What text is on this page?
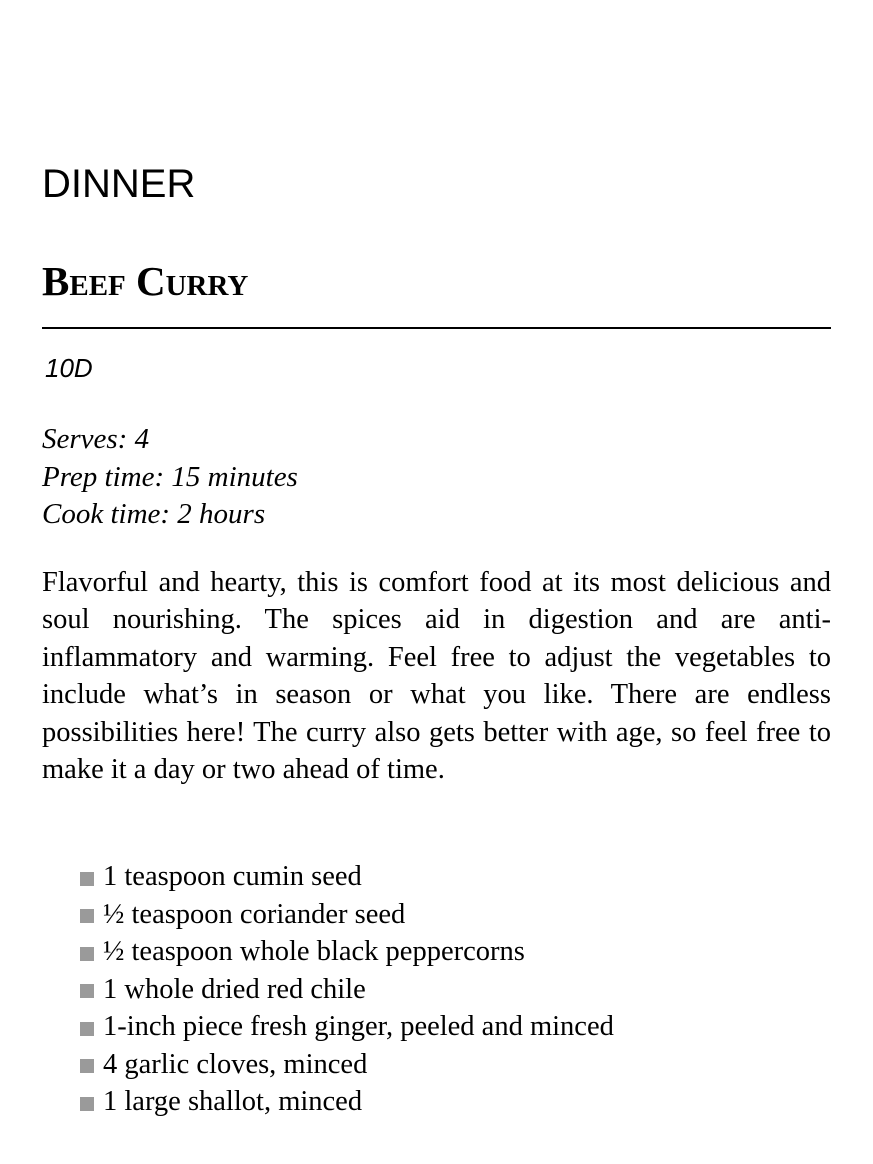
DINNER
Beef Curry
10D
Serves: 4
Prep time: 15 minutes
Cook time: 2 hours

Flavorful and hearty, this is comfort food at its most delicious and soul nourishing. The spices aid in digestion and are anti-inflammatory and warming. Feel free to adjust the vegetables to include what’s in season or what you like. There are endless possibilities here! The curry also gets better with age, so feel free to make it a day or two ahead of time.

1 teaspoon cumin seed
½ teaspoon coriander seed
½ teaspoon whole black peppercorns
1 whole dried red chile
1-inch piece fresh ginger, peeled and minced
4 garlic cloves, minced
1 large shallot, minced
